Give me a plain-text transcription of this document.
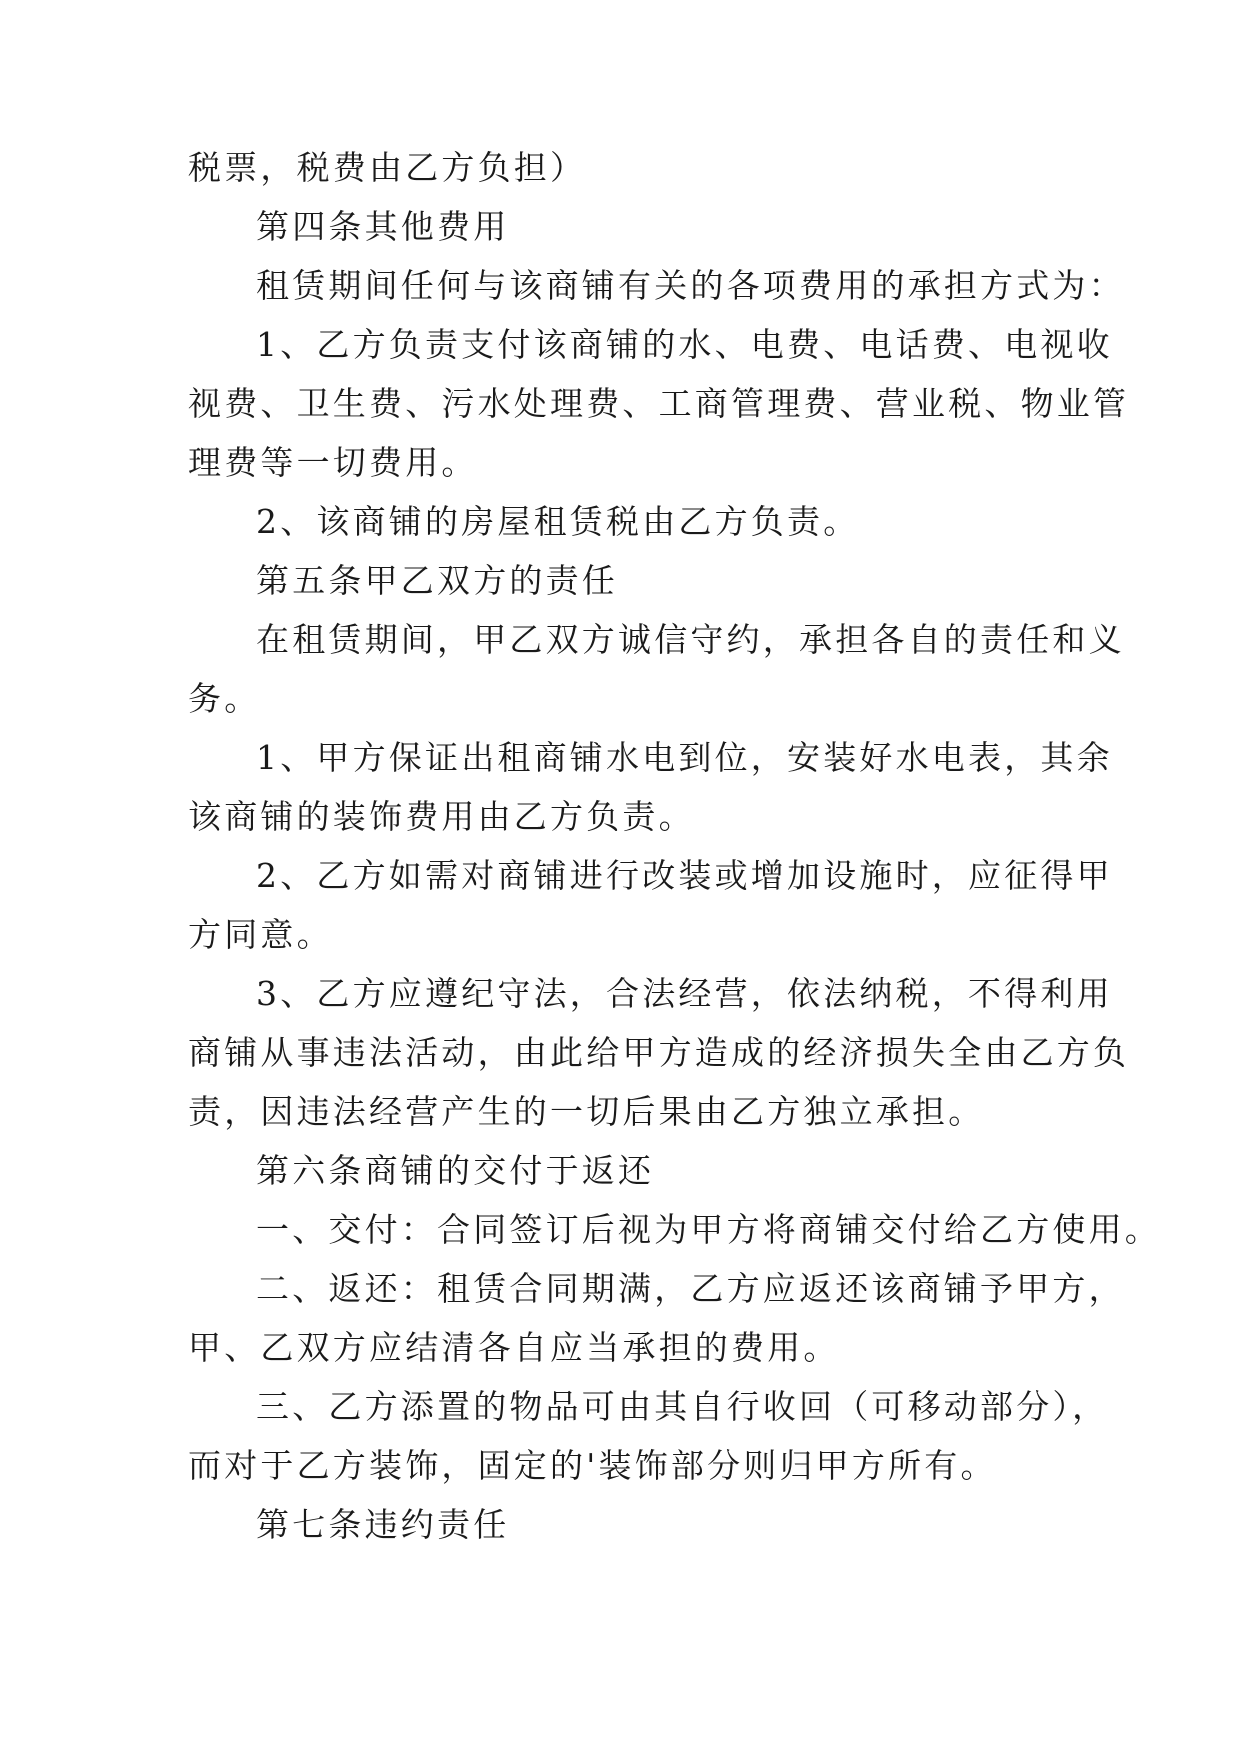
税票，税费由乙方负担）
第四条其他费用
租赁期间任何与该商铺有关的各项费用的承担方式为：
1、乙方负责支付该商铺的水、电费、电话费、电视收
视费、卫生费、污水处理费、工商管理费、营业税、物业管
理费等一切费用。
2、该商铺的房屋租赁税由乙方负责。
第五条甲乙双方的责任
在租赁期间，甲乙双方诚信守约，承担各自的责任和义
务。
1、甲方保证出租商铺水电到位，安装好水电表，其余
该商铺的装饰费用由乙方负责。
2、乙方如需对商铺进行改装或增加设施时，应征得甲
方同意。
3、乙方应遵纪守法，合法经营，依法纳税，不得利用
商铺从事违法活动，由此给甲方造成的经济损失全由乙方负
责，因违法经营产生的一切后果由乙方独立承担。
第六条商铺的交付于返还
一、交付：合同签订后视为甲方将商铺交付给乙方使用。
二、返还：租赁合同期满，乙方应返还该商铺予甲方，
甲、乙双方应结清各自应当承担的费用。
三、乙方添置的物品可由其自行收回（可移动部分），
而对于乙方装饰，固定的'装饰部分则归甲方所有。
第七条违约责任
